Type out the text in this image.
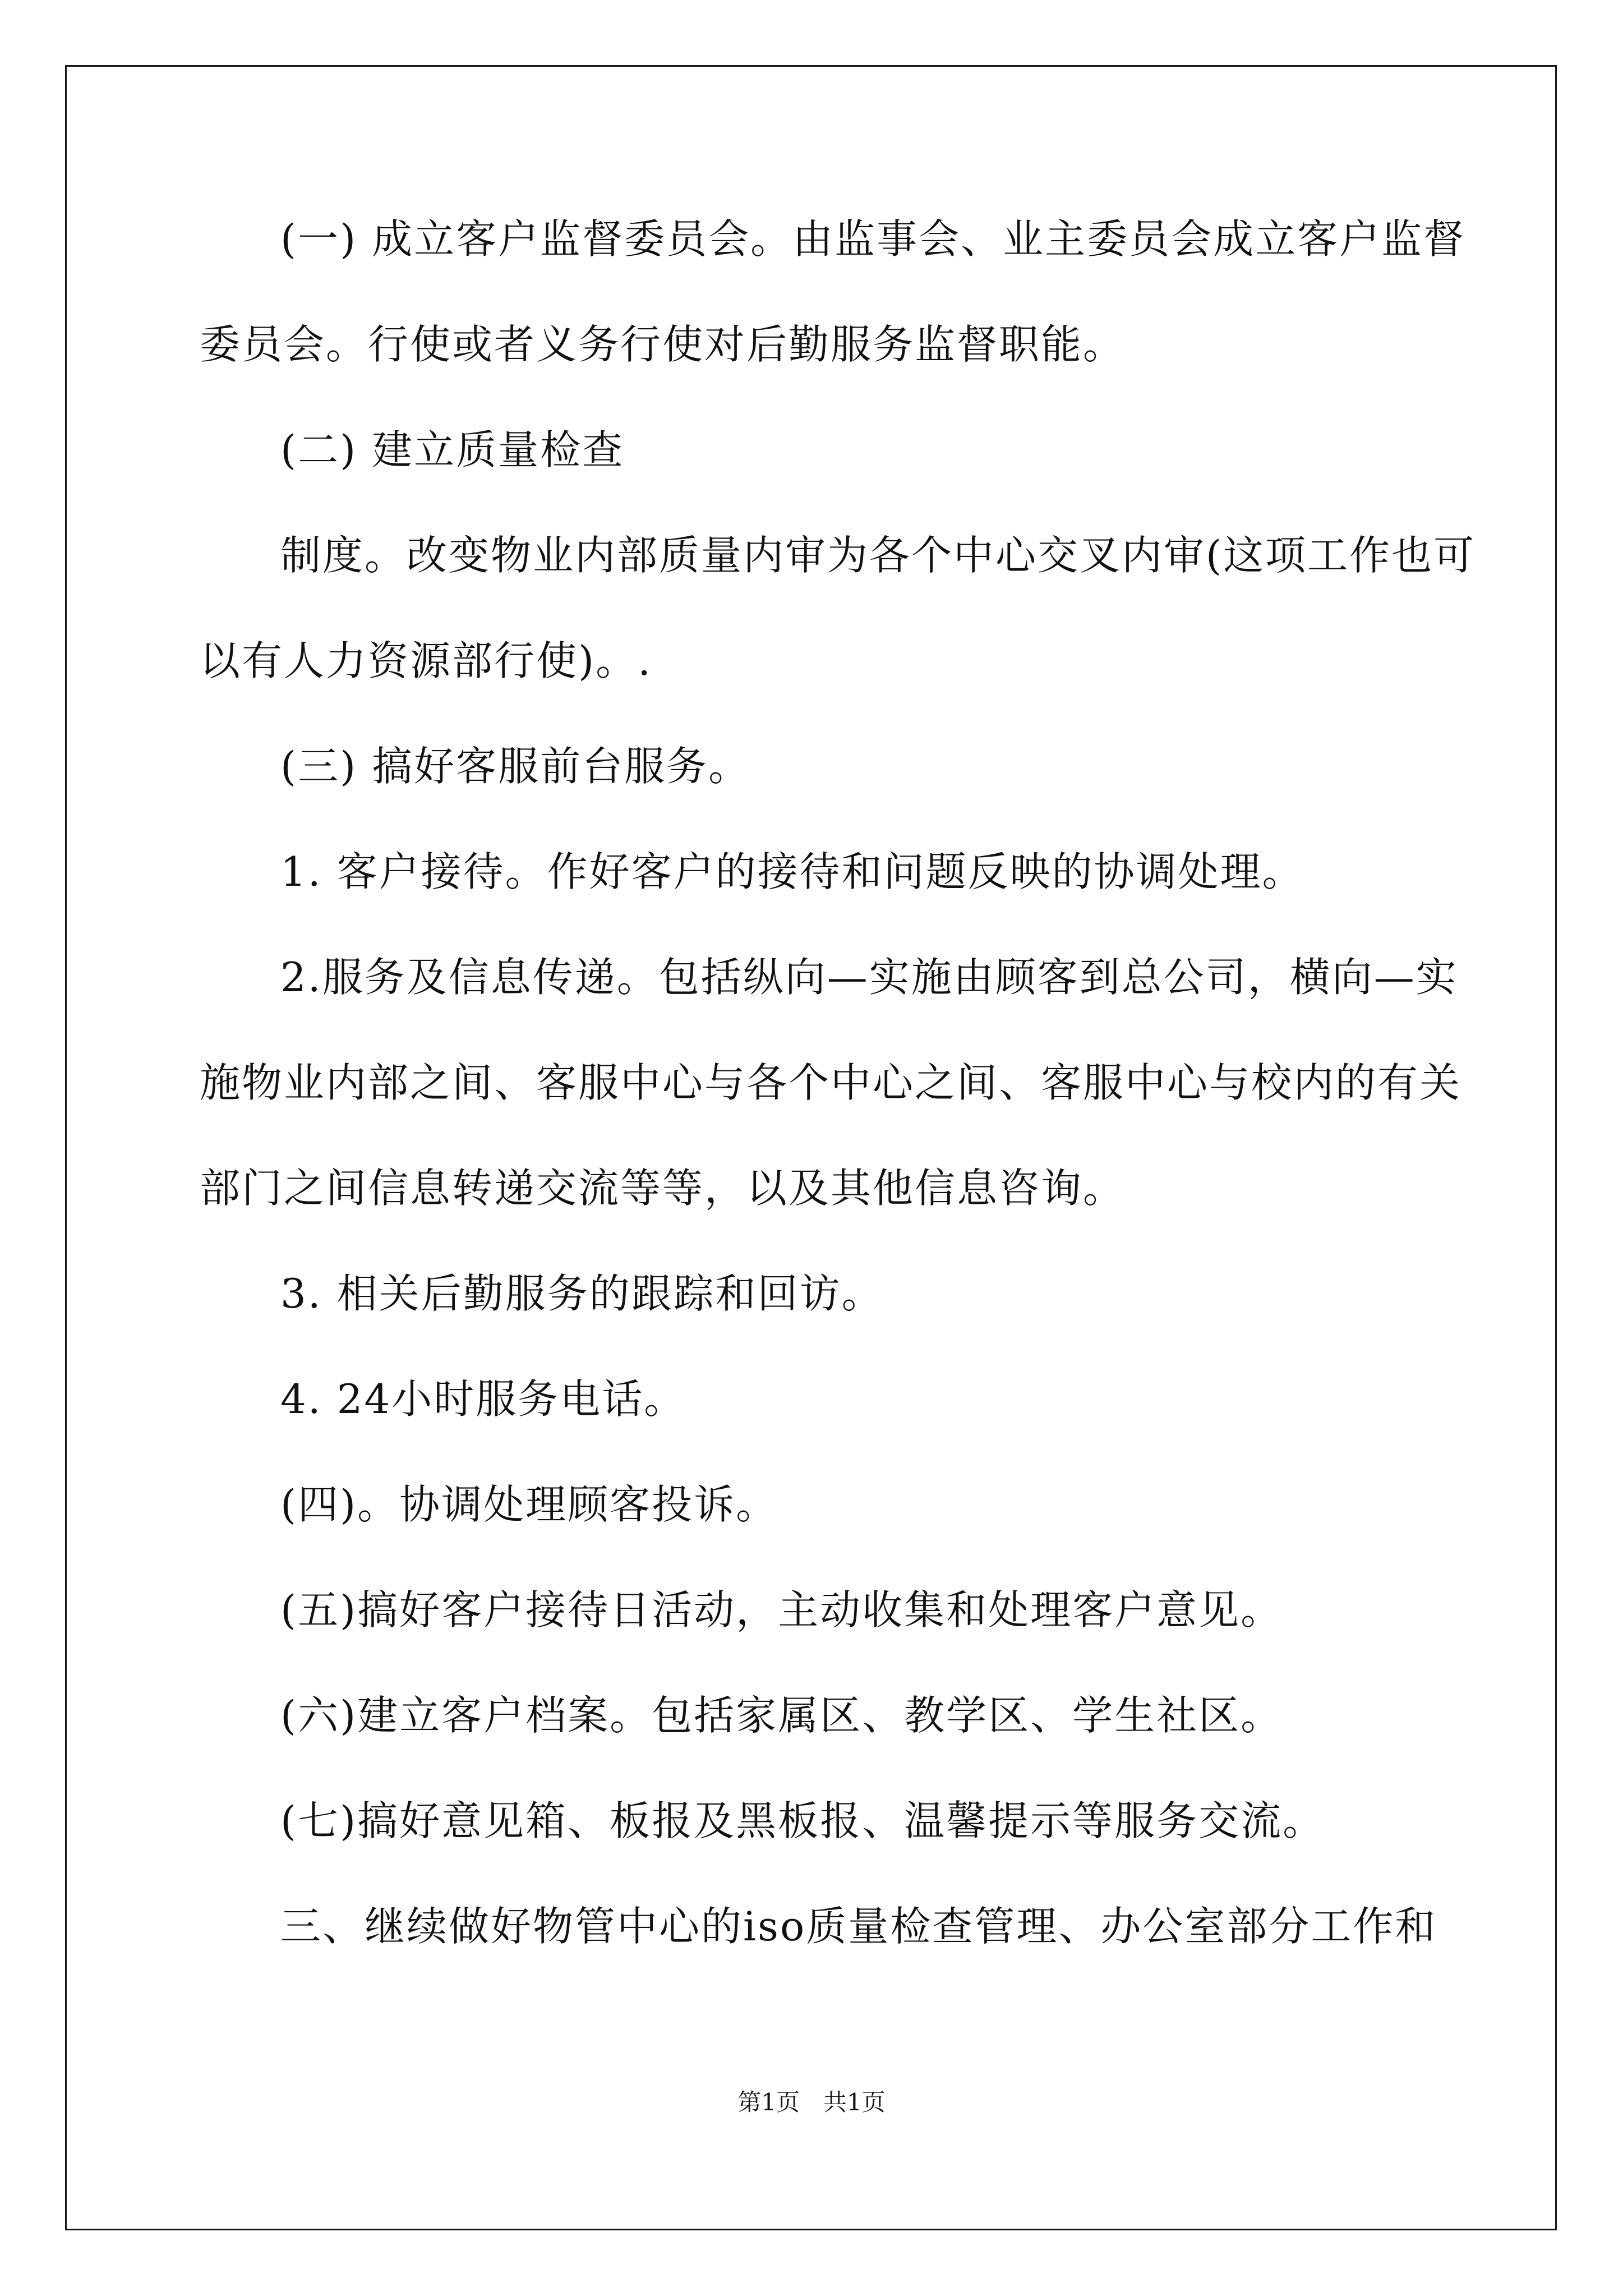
(一) 成立客户监督委员会。由监事会、业主委员会成立客户监督
委员会。行使或者义务行使对后勤服务监督职能。
(二) 建立质量检查
制度。改变物业内部质量内审为各个中心交叉内审(这项工作也可
以有人力资源部行使)。.
(三) 搞好客服前台服务。
1. 客户接待。作好客户的接待和问题反映的协调处理。
2.服务及信息传递。包括纵向—实施由顾客到总公司，横向—实
施物业内部之间、客服中心与各个中心之间、客服中心与校内的有关
部门之间信息转递交流等等，以及其他信息咨询。
3. 相关后勤服务的跟踪和回访。
4. 24小时服务电话。
(四)。协调处理顾客投诉。
(五)搞好客户接待日活动，主动收集和处理客户意见。
(六)建立客户档案。包括家属区、教学区、学生社区。
(七)搞好意见箱、板报及黑板报、温馨提示等服务交流。
三、继续做好物管中心的iso质量检查管理、办公室部分工作和
第1页　共1页
